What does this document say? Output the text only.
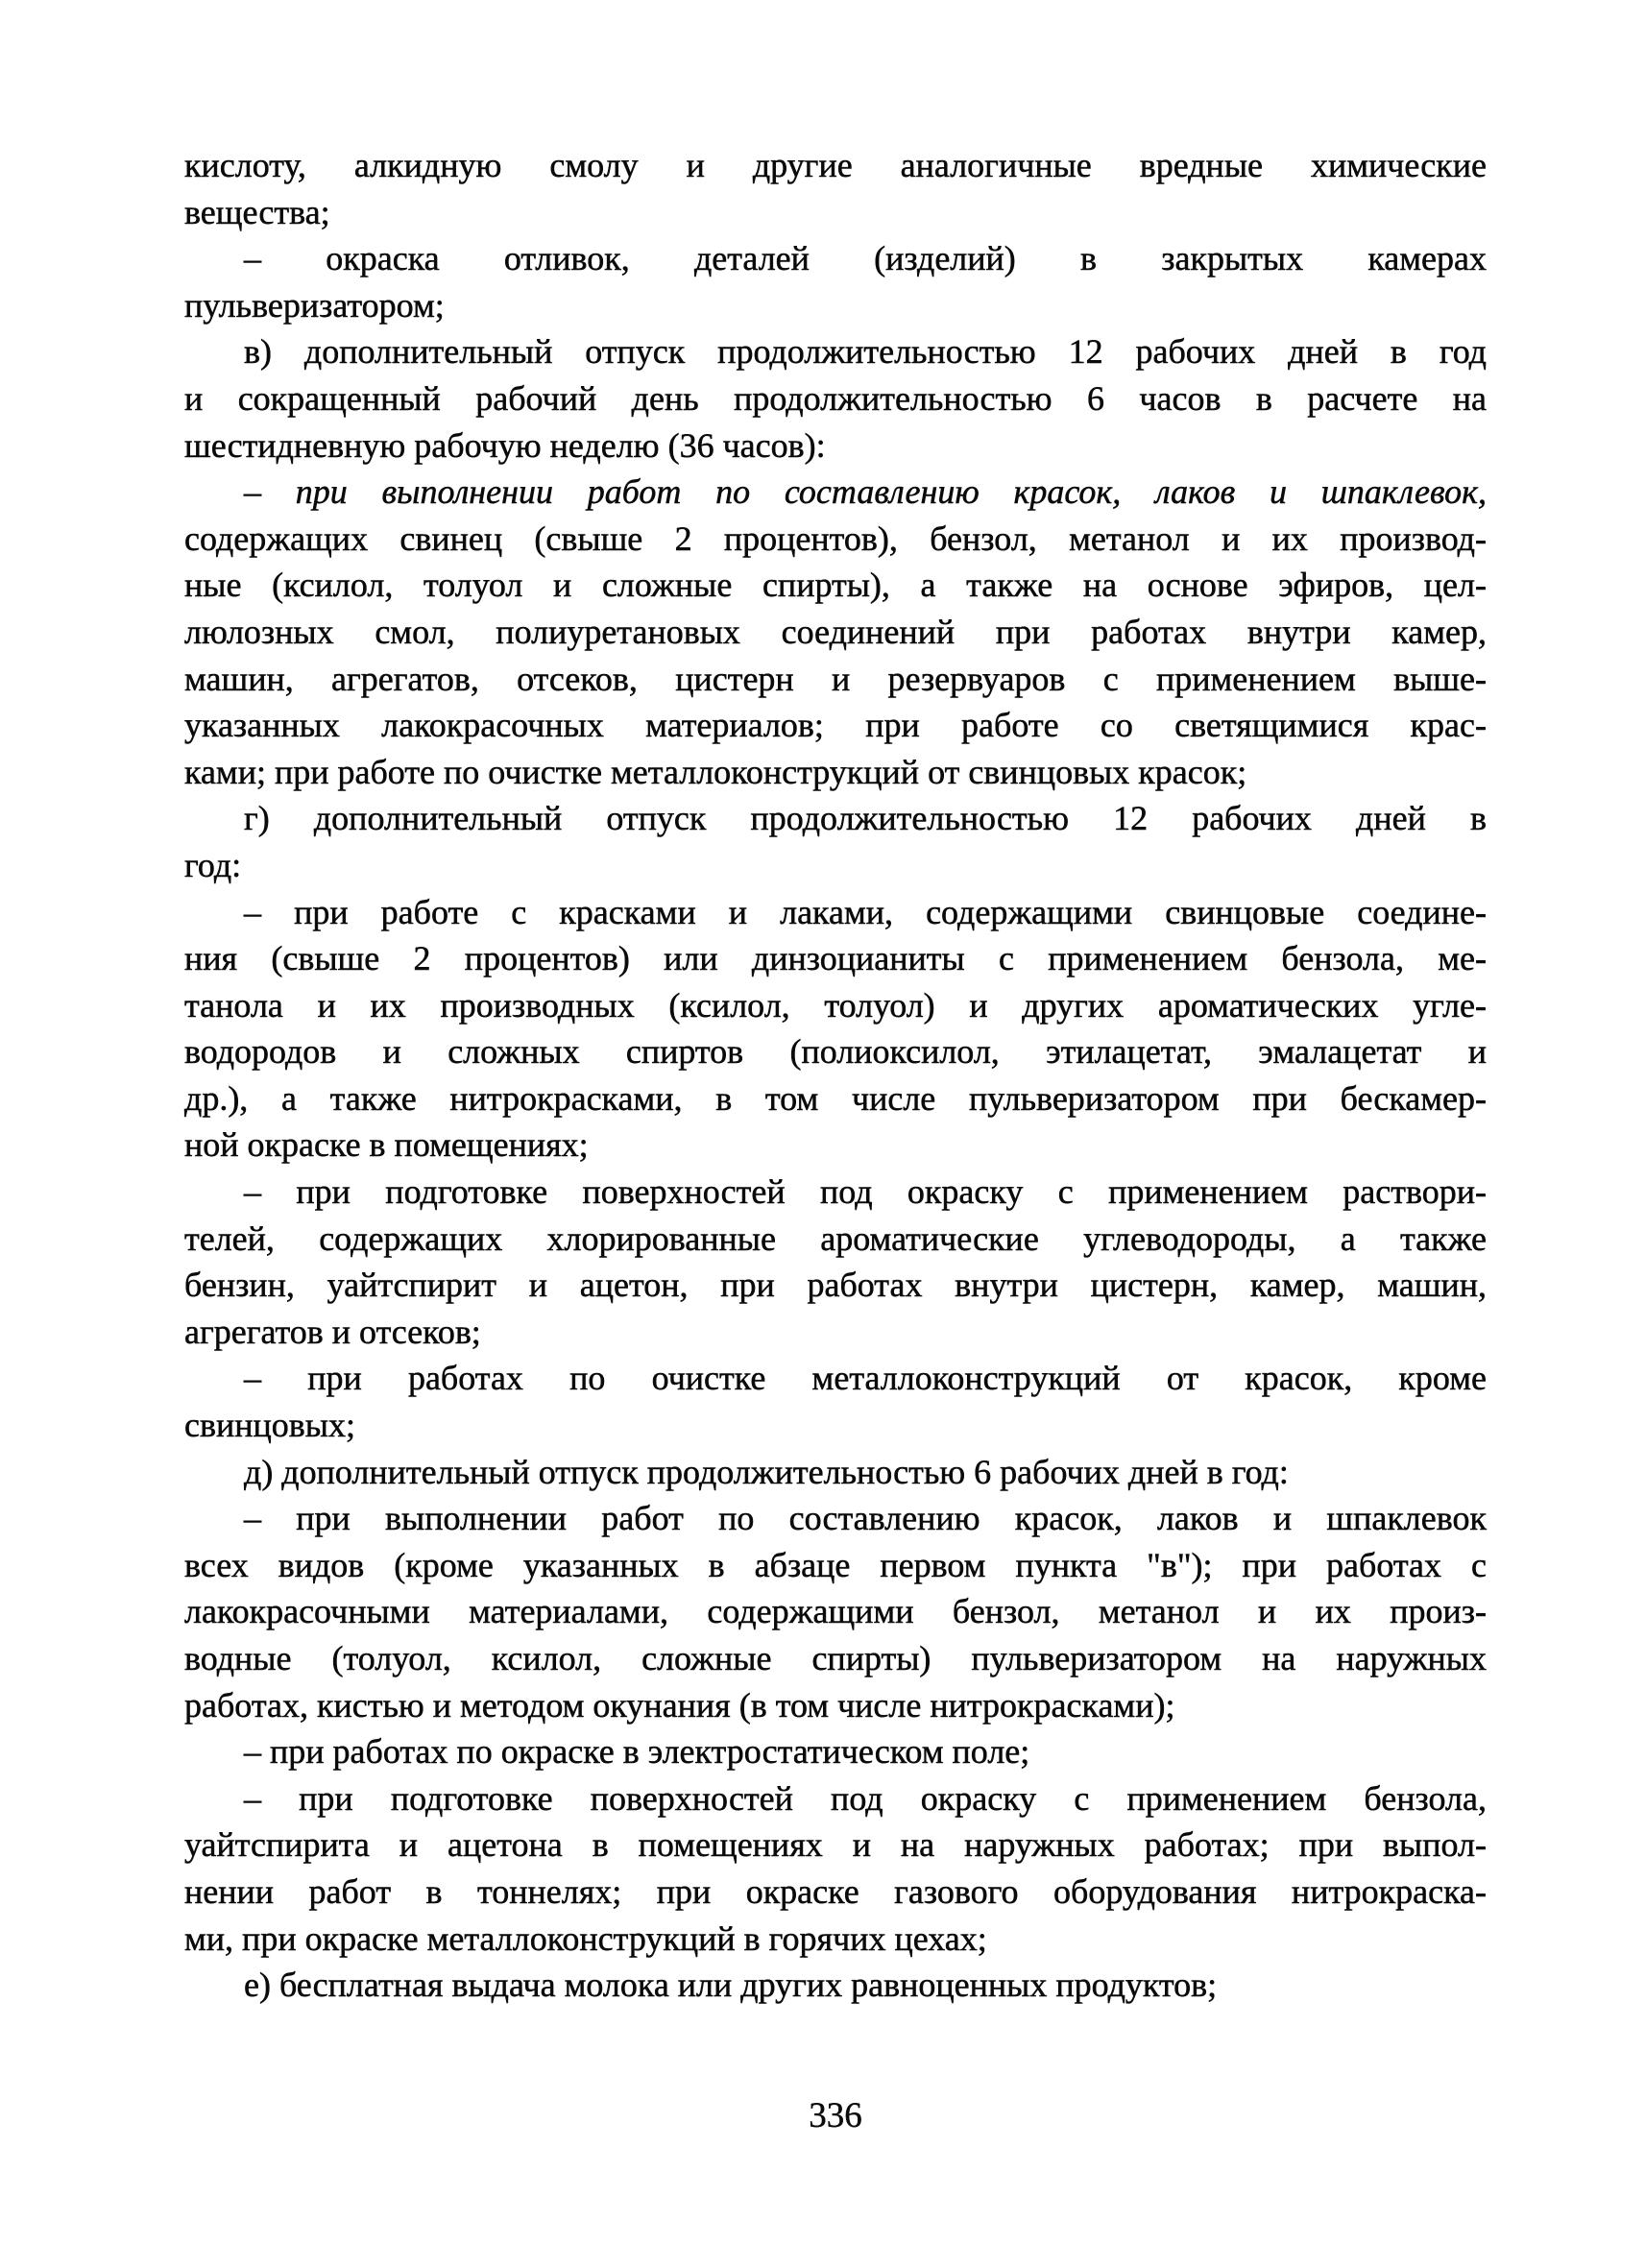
кислоту, алкидную смолу и другие аналогичные вредные химические
вещества;
– окраска отливок, деталей (изделий) в закрытых камерах
пульверизатором;
в) дополнительный отпуск продолжительностью 12 рабочих дней в год
и сокращенный рабочий день продолжительностью 6 часов в расчете на
шестидневную рабочую неделю (36 часов):
– при выполнении работ по составлению красок, лаков и шпаклевок,
содержащих свинец (свыше 2 процентов), бензол, метанол и их производ-
ные (ксилол, толуол и сложные спирты), а также на основе эфиров, цел-
люлозных смол, полиуретановых соединений при работах внутри камер,
машин, агрегатов, отсеков, цистерн и резервуаров с применением выше-
указанных лакокрасочных материалов; при работе со светящимися крас-
ками; при работе по очистке металлоконструкций от свинцовых красок;
г) дополнительный отпуск продолжительностью 12 рабочих дней в
год:
– при работе с красками и лаками, содержащими свинцовые соедине-
ния (свыше 2 процентов) или динзоцианиты с применением бензола, ме-
танола и их производных (ксилол, толуол) и других ароматических угле-
водородов и сложных спиртов (полиоксилол, этилацетат, эмалацетат и
др.), а также нитрокрасками, в том числе пульверизатором при бескамер-
ной окраске в помещениях;
– при подготовке поверхностей под окраску с применением раствори-
телей, содержащих хлорированные ароматические углеводороды, а также
бензин, уайтспирит и ацетон, при работах внутри цистерн, камер, машин,
агрегатов и отсеков;
– при работах по очистке металлоконструкций от красок, кроме
свинцовых;
д) дополнительный отпуск продолжительностью 6 рабочих дней в год:
– при выполнении работ по составлению красок, лаков и шпаклевок
всех видов (кроме указанных в абзаце первом пункта "в"); при работах с
лакокрасочными материалами, содержащими бензол, метанол и их произ-
водные (толуол, ксилол, сложные спирты) пульверизатором на наружных
работах, кистью и методом окунания (в том числе нитрокрасками);
– при работах по окраске в электростатическом поле;
– при подготовке поверхностей под окраску с применением бензола,
уайтспирита и ацетона в помещениях и на наружных работах; при выпол-
нении работ в тоннелях; при окраске газового оборудования нитрокраска-
ми, при окраске металлоконструкций в горячих цехах;
е) бесплатная выдача молока или других равноценных продуктов;
336
